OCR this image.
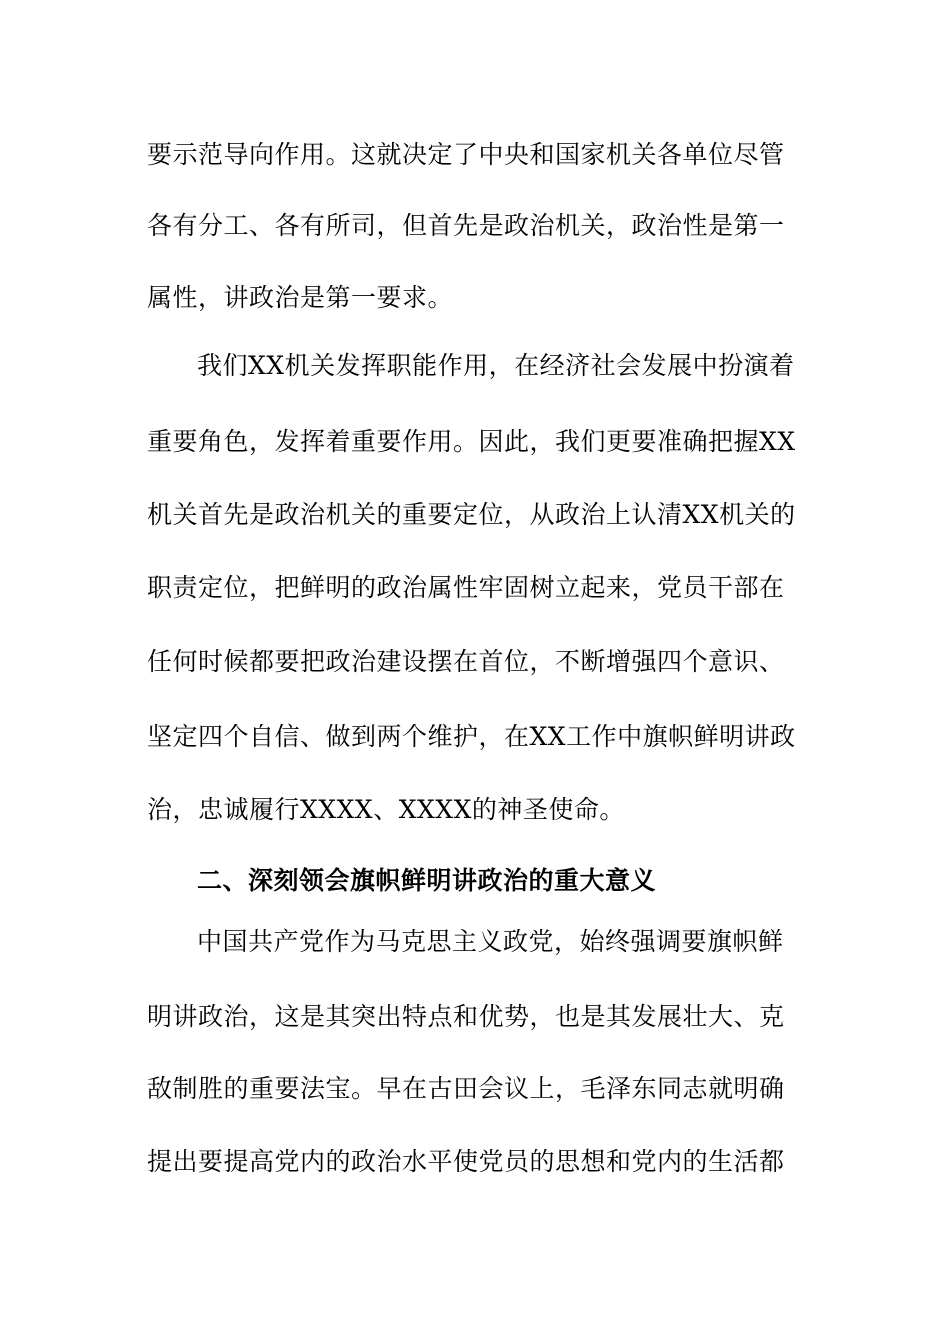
要示范导向作用。这就决定了中央和国家机关各单位尽管
各有分工、各有所司，但首先是政治机关，政治性是第一
属性，讲政治是第一要求。
我们XX机关发挥职能作用，在经济社会发展中扮演着
重要角色，发挥着重要作用。因此，我们更要准确把握XX
机关首先是政治机关的重要定位，从政治上认清XX机关的
职责定位，把鲜明的政治属性牢固树立起来，党员干部在
任何时候都要把政治建设摆在首位，不断增强四个意识、
坚定四个自信、做到两个维护，在XX工作中旗帜鲜明讲政
治，忠诚履行XXXX、XXXX的神圣使命。
二、深刻领会旗帜鲜明讲政治的重大意义
中国共产党作为马克思主义政党，始终强调要旗帜鲜
明讲政治，这是其突出特点和优势，也是其发展壮大、克
敌制胜的重要法宝。早在古田会议上，毛泽东同志就明确
提出要提高党内的政治水平使党员的思想和党内的生活都
